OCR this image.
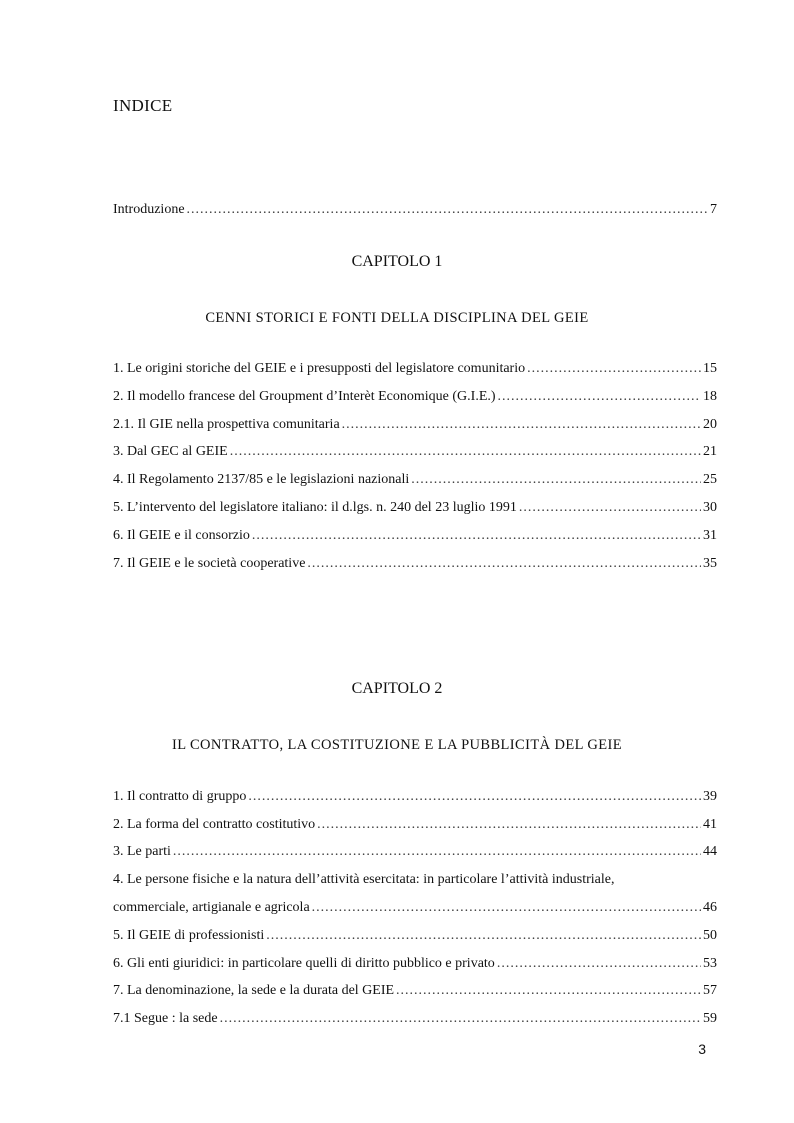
INDICE
Introduzione .....	7
CAPITOLO 1
CENNI STORICI E FONTI DELLA DISCIPLINA DEL GEIE
1. Le origini storiche del GEIE e i presupposti del legislatore comunitario .....	15
2. Il modello francese del Groupment d’Interèt Economique (G.I.E.) .....	18
2.1. Il GIE nella prospettiva comunitaria .....	20
3. Dal GEC al GEIE .....	21
4. Il Regolamento 2137/85 e le legislazioni nazionali .....	25
5. L’intervento del legislatore italiano: il d.lgs. n. 240 del 23 luglio 1991 .....	30
6. Il GEIE e il consorzio .....	31
7. Il GEIE e le società cooperative .....	35
CAPITOLO 2
IL CONTRATTO, LA COSTITUZIONE E LA PUBBLICITÀ DEL GEIE
1. Il contratto di gruppo .....	39
2. La forma del contratto costitutivo .....	41
3. Le parti .....	44
4. Le persone fisiche e la natura dell’attività esercitata: in particolare l’attività industriale,
commerciale, artigianale e agricola .....	46
5. Il GEIE di professionisti .....	50
6. Gli enti giuridici: in particolare quelli di diritto pubblico e privato .....	53
7. La denominazione, la sede e la durata del GEIE .....	57
7.1 Segue : la sede .....	59
3
